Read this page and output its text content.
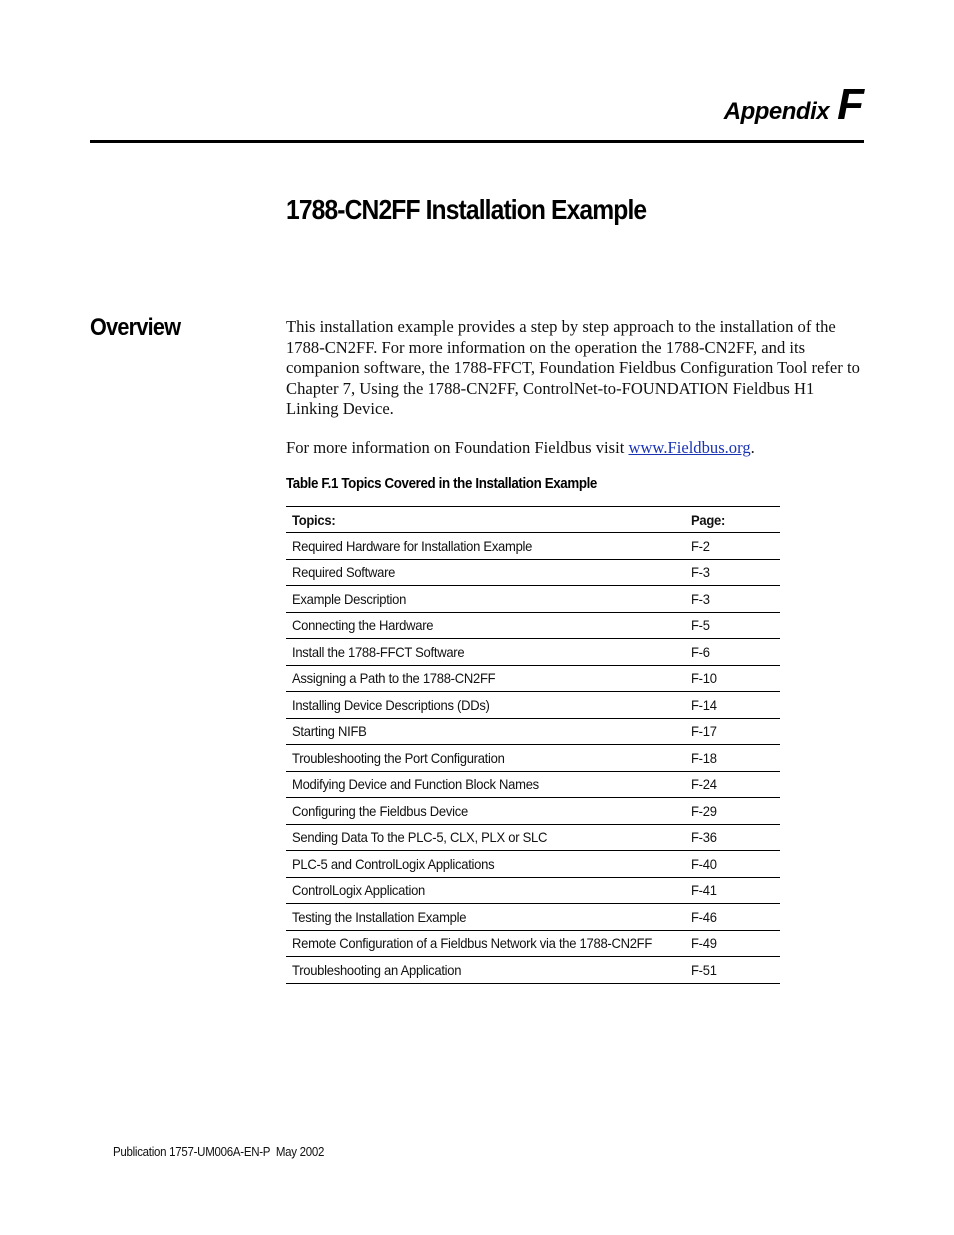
Appendix F
1788-CN2FF Installation Example
Overview	This installation example provides a step by step approach to the installation of the 1788-CN2FF. For more information on the operation the 1788-CN2FF, and its companion software, the 1788-FFCT, Foundation Fieldbus Configuration Tool refer to Chapter 7, Using the 1788-CN2FF, ControlNet-to-FOUNDATION Fieldbus H1 Linking Device.

For more information on Foundation Fieldbus visit www.Fieldbus.org.

Table F.1 Topics Covered in the Installation Example

Topics:	Page:
Required Hardware for Installation Example	F-2
Required Software	F-3
Example Description	F-3
Connecting the Hardware	F-5
Install the 1788-FFCT Software	F-6
Assigning a Path to the 1788-CN2FF	F-10
Installing Device Descriptions (DDs)	F-14
Starting NIFB	F-17
Troubleshooting the Port Configuration	F-18
Modifying Device and Function Block Names	F-24
Configuring the Fieldbus Device	F-29
Sending Data To the PLC-5, CLX, PLX or SLC	F-36
PLC-5 and ControlLogix Applications	F-40
ControlLogix Application	F-41
Testing the Installation Example	F-46
Remote Configuration of a Fieldbus Network via the 1788-CN2FF	F-49
Troubleshooting an Application	F-51

Publication 1757-UM006A-EN-P  May 2002
